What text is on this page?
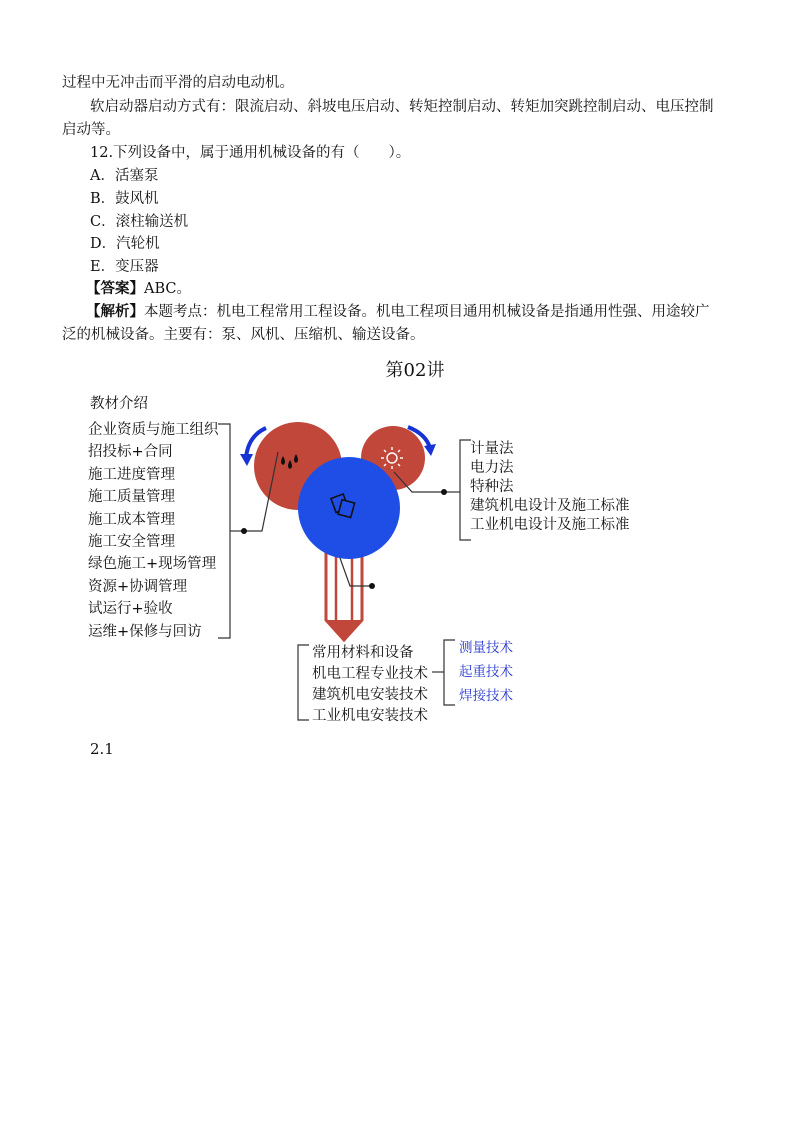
过程中无冲击而平滑的启动电动机。
软启动器启动方式有：限流启动、斜坡电压启动、转矩控制启动、转矩加突跳控制启动、电压控制
启动等。
12.下列设备中，属于通用机械设备的有（　　）。
A．活塞泵
B．鼓风机
C．滚柱输送机
D．汽轮机
E．变压器
【答案】ABC。
【解析】本题考点：机电工程常用工程设备。机电工程项目通用机械设备是指通用性强、用途较广
泛的机械设备。主要有：泵、风机、压缩机、输送设备。
第02讲
教材介绍
企业资质与施工组织
招投标+合同
施工进度管理
施工质量管理
施工成本管理
施工安全管理
绿色施工+现场管理
资源+协调管理
试运行+验收
运维+保修与回访
计量法
电力法
特种法
建筑机电设计及施工标准
工业机电设计及施工标准
常用材料和设备
机电工程专业技术
建筑机电安装技术
工业机电安装技术
测量技术
起重技术
焊接技术
2.1
